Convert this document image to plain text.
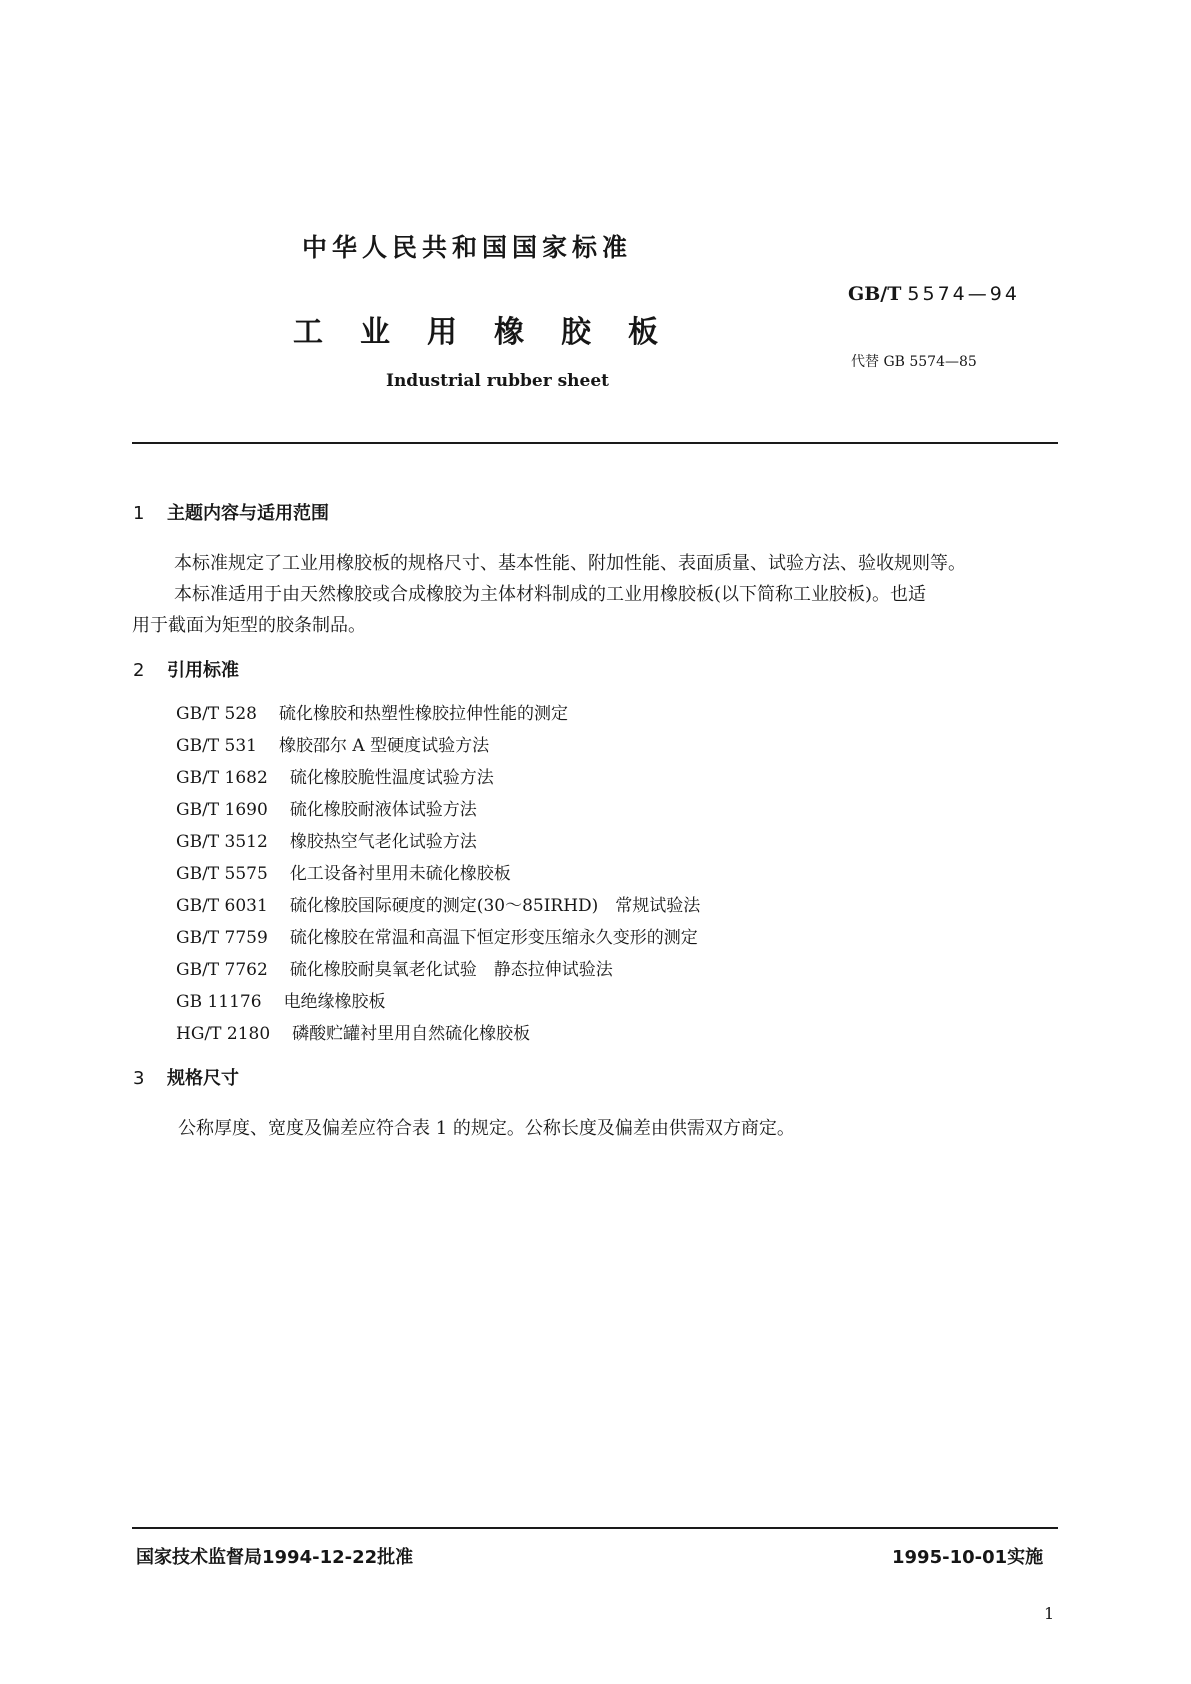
中华人民共和国国家标准
工业用橡胶板
Industrial rubber sheet
GB/T 5574—94
代替 GB 5574—85
1 主题内容与适用范围
本标准规定了工业用橡胶板的规格尺寸、基本性能、附加性能、表面质量、试验方法、验收规则等。
本标准适用于由天然橡胶或合成橡胶为主体材料制成的工业用橡胶板(以下简称工业胶板)。也适
用于截面为矩型的胶条制品。
2 引用标准
GB/T 528 硫化橡胶和热塑性橡胶拉伸性能的测定
GB/T 531 橡胶邵尔 A 型硬度试验方法
GB/T 1682 硫化橡胶脆性温度试验方法
GB/T 1690 硫化橡胶耐液体试验方法
GB/T 3512 橡胶热空气老化试验方法
GB/T 5575 化工设备衬里用未硫化橡胶板
GB/T 6031 硫化橡胶国际硬度的测定(30～85IRHD)　常规试验法
GB/T 7759 硫化橡胶在常温和高温下恒定形变压缩永久变形的测定
GB/T 7762 硫化橡胶耐臭氧老化试验　静态拉伸试验法
GB 11176 电绝缘橡胶板
HG/T 2180 磷酸贮罐衬里用自然硫化橡胶板
3 规格尺寸
公称厚度、宽度及偏差应符合表 1 的规定。公称长度及偏差由供需双方商定。
国家技术监督局1994-12-22批准	1995-10-01实施
1
